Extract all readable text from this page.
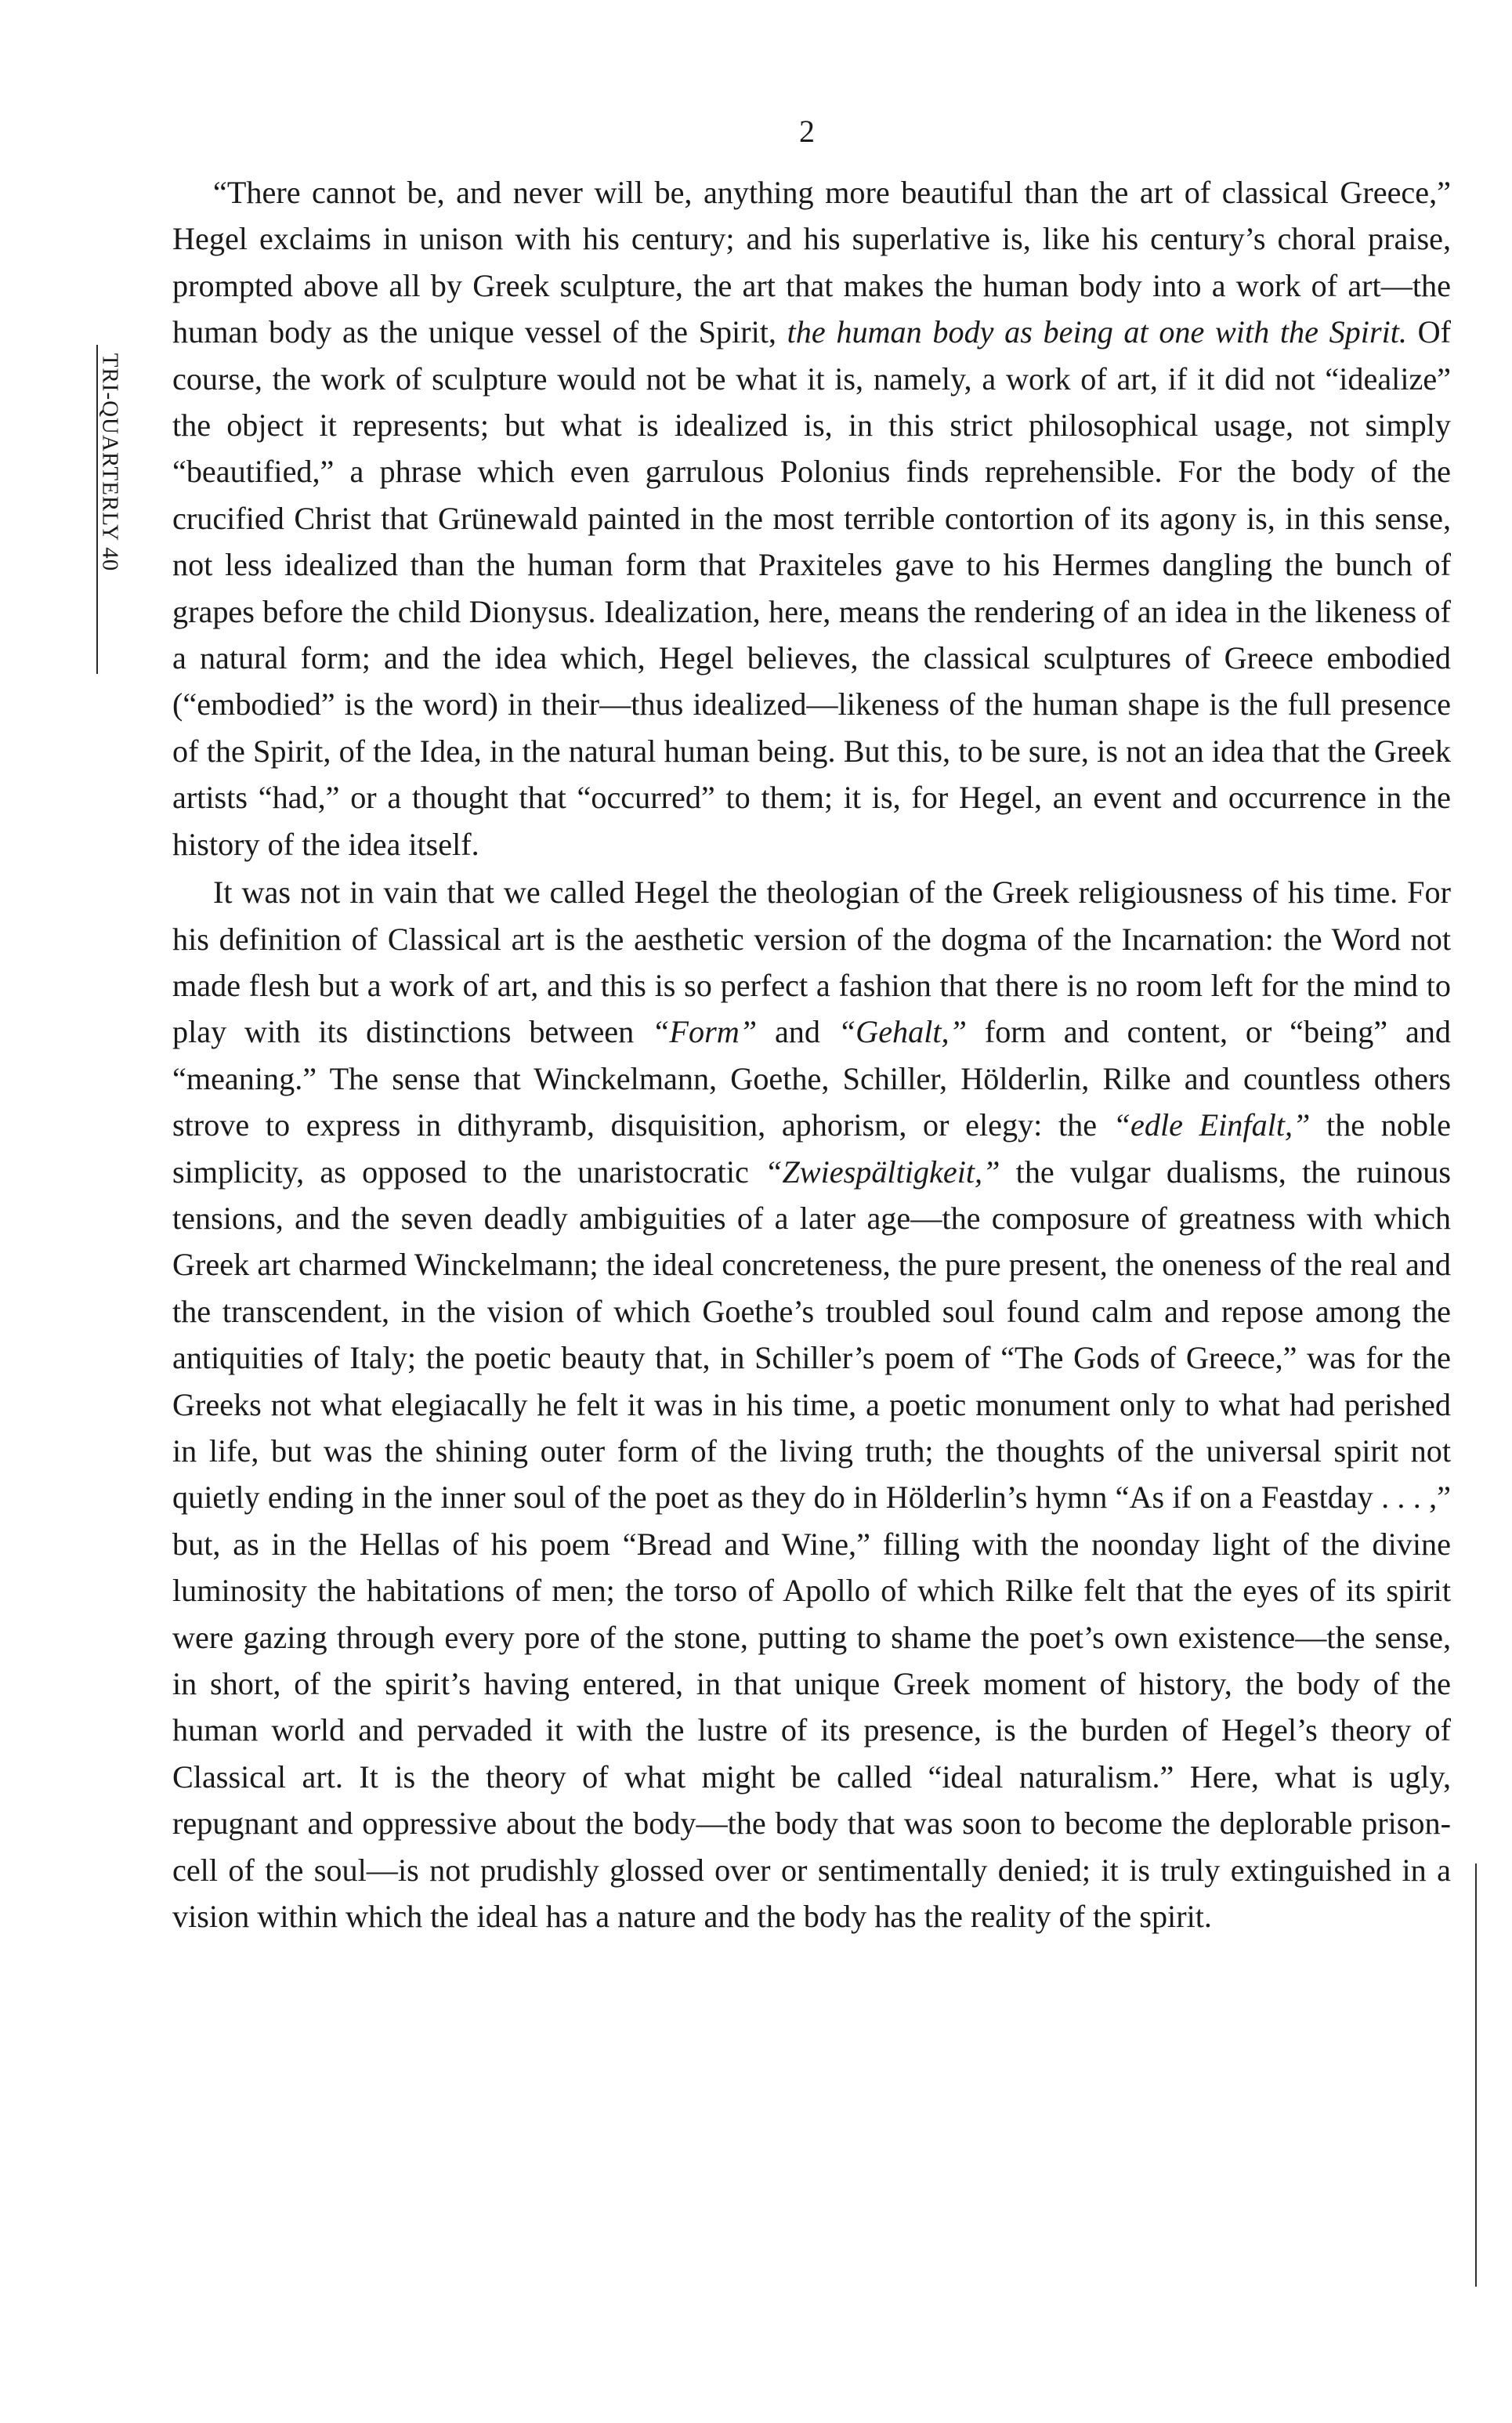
2
TRI-QUARTERLY 40

“There cannot be, and never will be, anything more beautiful than the art of classical Greece,” Hegel exclaims in unison with his century; and his superlative is, like his century’s choral praise, prompted above all by Greek sculpture, the art that makes the human body into a work of art—the human body as the unique vessel of the Spirit, the human body as being at one with the Spirit. Of course, the work of sculpture would not be what it is, namely, a work of art, if it did not “idealize” the object it represents; but what is idealized is, in this strict philosophical usage, not simply “beautified,” a phrase which even garrulous Polonius finds reprehensible. For the body of the crucified Christ that Grünewald painted in the most terrible contortion of its agony is, in this sense, not less idealized than the human form that Praxiteles gave to his Hermes dangling the bunch of grapes before the child Dionysus. Idealization, here, means the rendering of an idea in the likeness of a natural form; and the idea which, Hegel believes, the classical sculptures of Greece embodied (“embodied” is the word) in their—thus idealized—likeness of the human shape is the full presence of the Spirit, of the Idea, in the natural human being. But this, to be sure, is not an idea that the Greek artists “had,” or a thought that “occurred” to them; it is, for Hegel, an event and occurrence in the history of the idea itself.

It was not in vain that we called Hegel the theologian of the Greek religiousness of his time. For his definition of Classical art is the aesthetic version of the dogma of the Incarnation: the Word not made flesh but a work of art, and this is so perfect a fashion that there is no room left for the mind to play with its distinctions between “Form” and “Gehalt,” form and content, or “being” and “meaning.” The sense that Winckelmann, Goethe, Schiller, Hölderlin, Rilke and countless others strove to express in dithyramb, disquisition, aphorism, or elegy: the “edle Einfalt,” the noble simplicity, as opposed to the unaristocratic “Zwiespältigkeit,” the vulgar dualisms, the ruinous tensions, and the seven deadly ambiguities of a later age—the composure of greatness with which Greek art charmed Winckelmann; the ideal concreteness, the pure present, the oneness of the real and the transcendent, in the vision of which Goethe’s troubled soul found calm and repose among the antiquities of Italy; the poetic beauty that, in Schiller’s poem of “The Gods of Greece,” was for the Greeks not what elegiacally he felt it was in his time, a poetic monument only to what had perished in life, but was the shining outer form of the living truth; the thoughts of the universal spirit not quietly ending in the inner soul of the poet as they do in Hölderlin’s hymn “As if on a Feastday . . . ,” but, as in the Hellas of his poem “Bread and Wine,” filling with the noonday light of the divine luminosity the habitations of men; the torso of Apollo of which Rilke felt that the eyes of its spirit were gazing through every pore of the stone, putting to shame the poet’s own existence—the sense, in short, of the spirit’s having entered, in that unique Greek moment of history, the body of the human world and pervaded it with the lustre of its presence, is the burden of Hegel’s theory of Classical art. It is the theory of what might be called “ideal naturalism.” Here, what is ugly, repugnant and oppressive about the body—the body that was soon to become the deplorable prison-cell of the soul—is not prudishly glossed over or sentimentally denied; it is truly extinguished in a vision within which the ideal has a nature and the body has the reality of the spirit.
